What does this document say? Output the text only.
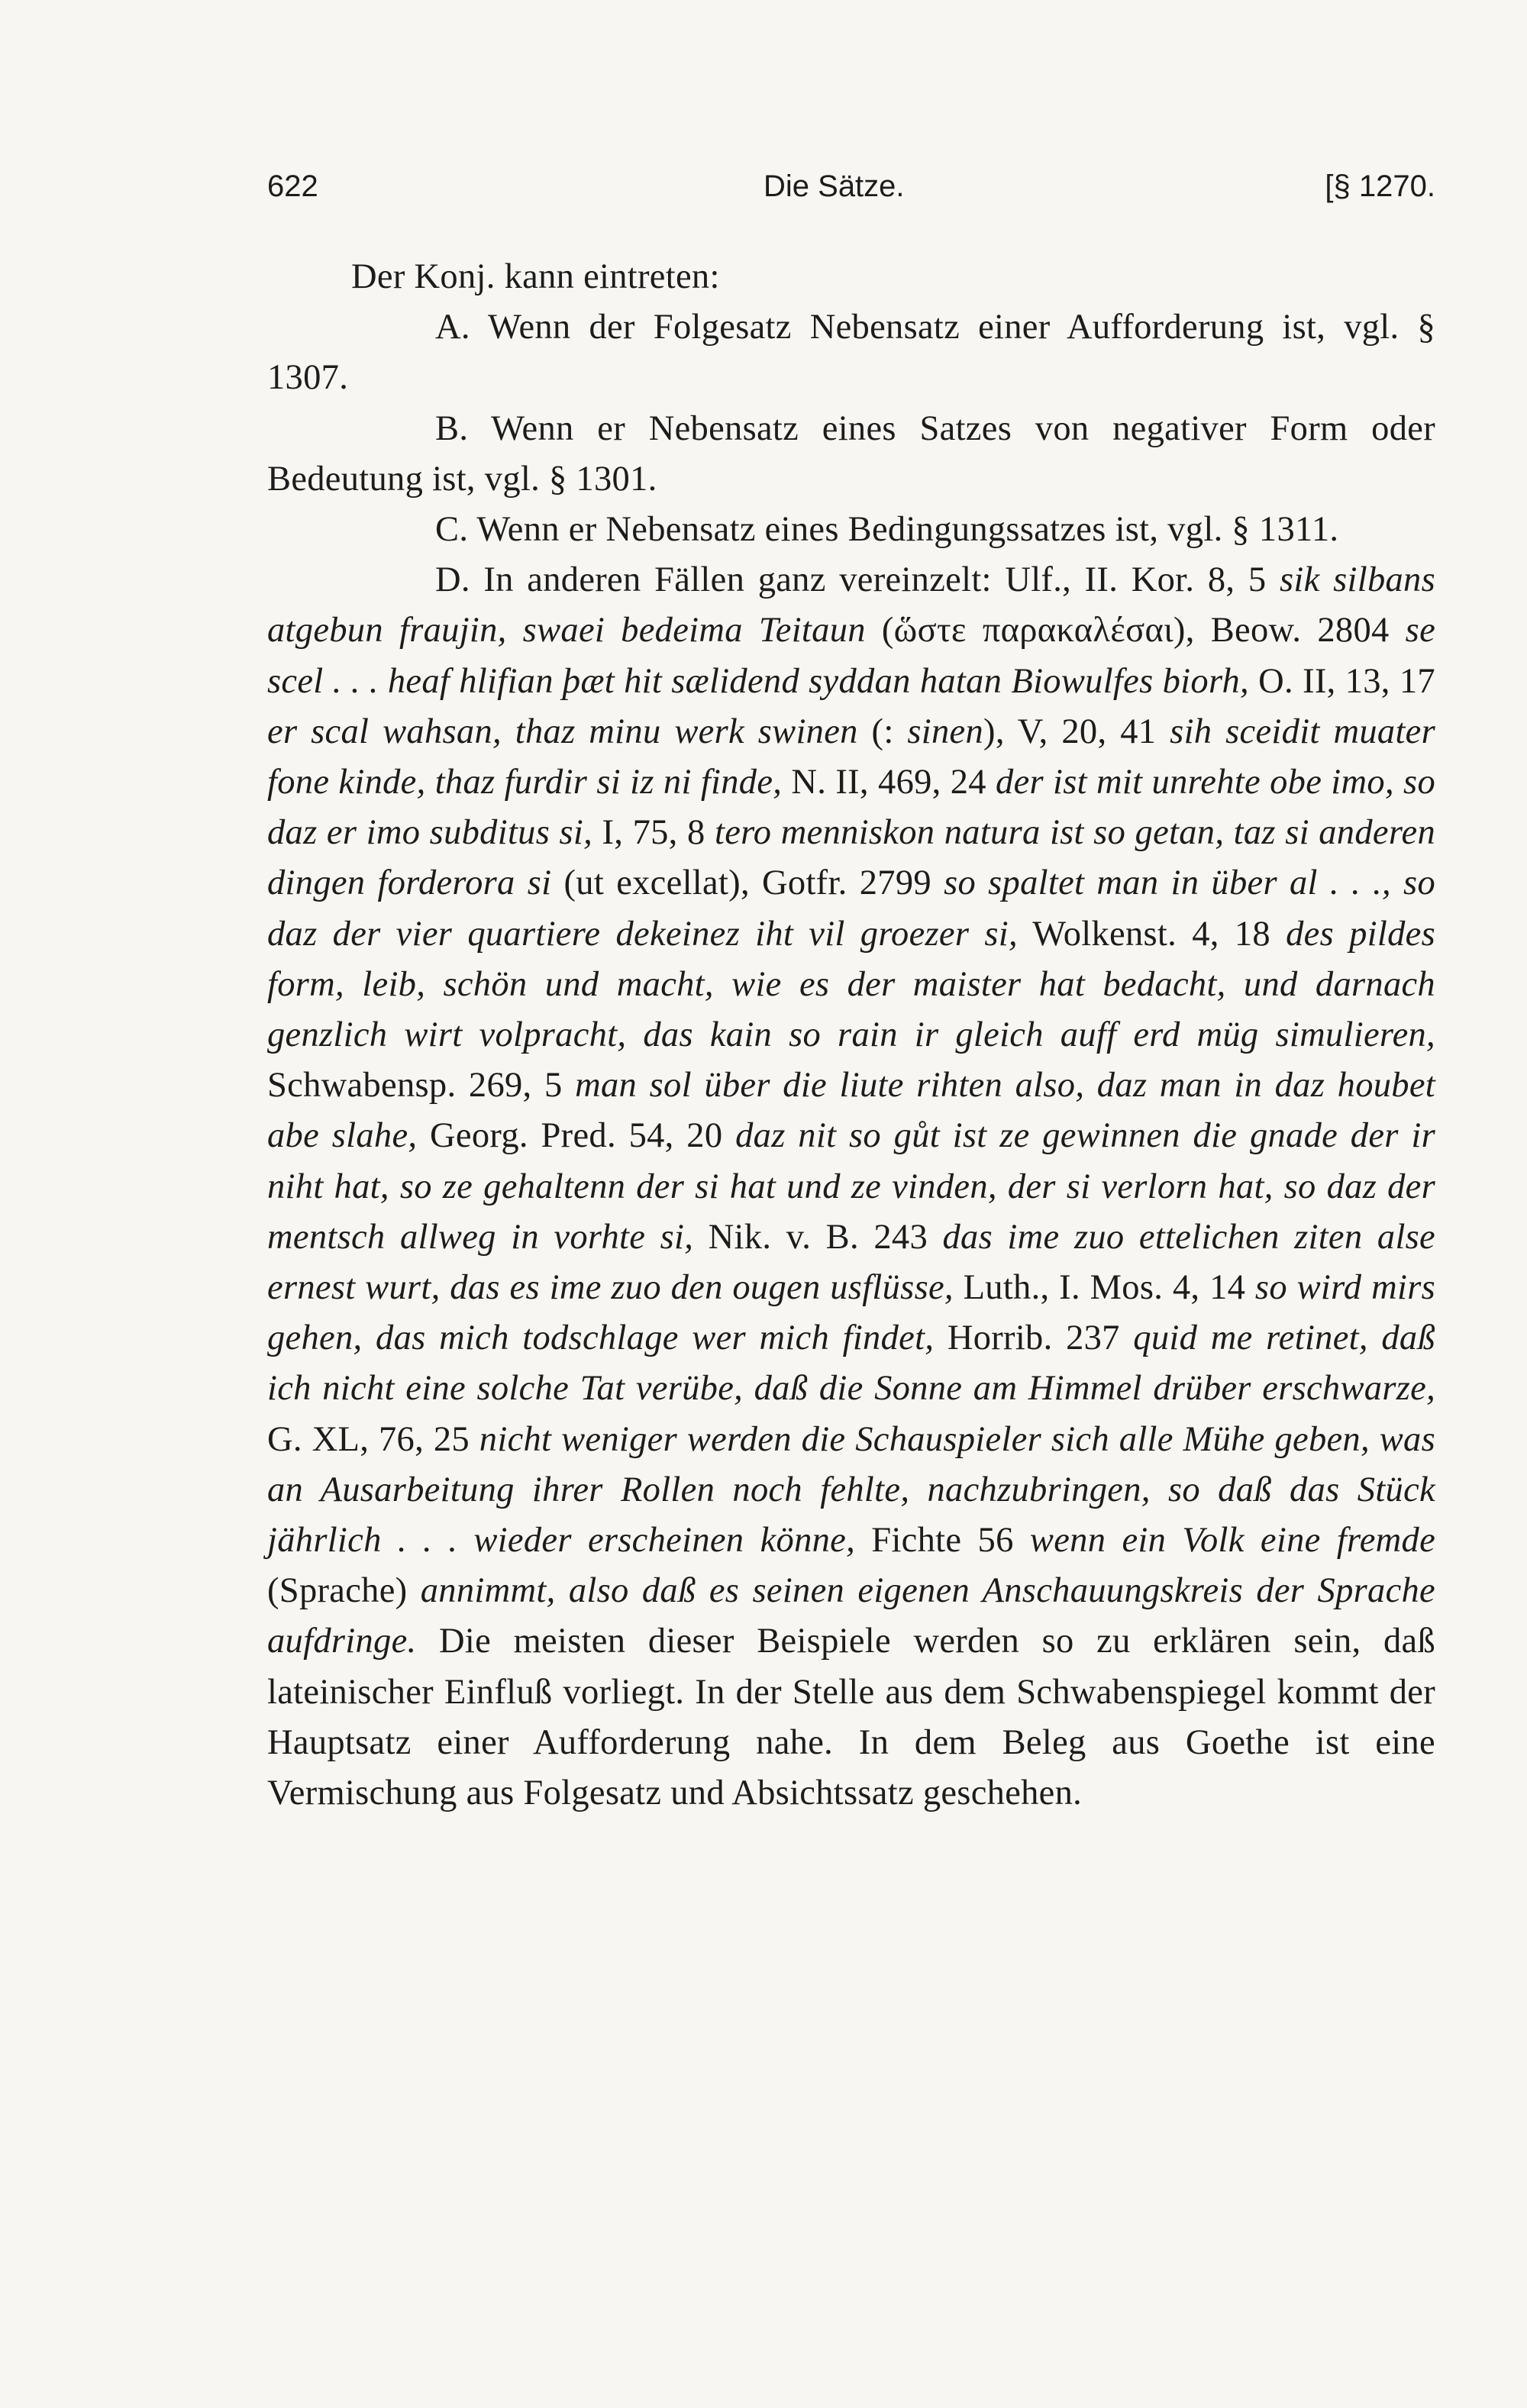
622	Die Sätze.	[§ 1270.

Der Konj. kann eintreten:

A. Wenn der Folgesatz Nebensatz einer Aufforderung ist, vgl. § 1307.

B. Wenn er Nebensatz eines Satzes von negativer Form oder Bedeutung ist, vgl. § 1301.

C. Wenn er Nebensatz eines Bedingungssatzes ist, vgl. § 1311.

D. In anderen Fällen ganz vereinzelt: Ulf., II. Kor. 8, 5 sik silbans atgebun fraujin, swaei bedeima Teitaun (ὥστε παρακαλέσαι), Beow. 2804 se scel . . . heaf hlifian þæt hit sælidend syddan hatan Biowulfes biorh, O. II, 13, 17 er scal wahsan, thaz minu werk swinen (: sinen), V, 20, 41 sih sceidit muater fone kinde, thaz furdir si iz ni finde, N. II, 469, 24 der ist mit unrehte obe imo, so daz er imo subditus si, I, 75, 8 tero menniskon natura ist so getan, taz si anderen dingen forderora si (ut excellat), Gotfr. 2799 so spaltet man in über al . . ., so daz der vier quartiere dekeinez iht vil groezer si, Wolkenst. 4, 18 des pildes form, leib, schön und macht, wie es der maister hat bedacht, und darnach genzlich wirt volpracht, das kain so rain ir gleich auff erd müg simulieren, Schwabensp. 269, 5 man sol über die liute rihten also, daz man in daz houbet abe slahe, Georg. Pred. 54, 20 daz nit so gůt ist ze gewinnen die gnade der ir niht hat, so ze gehaltenn der si hat und ze vinden, der si verlorn hat, so daz der mentsch allweg in vorhte si, Nik. v. B. 243 das ime zuo ettelichen ziten alse ernest wurt, das es ime zuo den ougen usflüsse, Luth., I. Mos. 4, 14 so wird mirs gehen, das mich todschlage wer mich findet, Horrib. 237 quid me retinet, daß ich nicht eine solche Tat verübe, daß die Sonne am Himmel drüber erschwarze, G. XL, 76, 25 nicht weniger werden die Schauspieler sich alle Mühe geben, was an Ausarbeitung ihrer Rollen noch fehlte, nachzubringen, so daß das Stück jährlich . . . wieder erscheinen könne, Fichte 56 wenn ein Volk eine fremde (Sprache) annimmt, also daß es seinen eigenen Anschauungskreis der Sprache aufdringe. Die meisten dieser Beispiele werden so zu erklären sein, daß lateinischer Einfluß vorliegt. In der Stelle aus dem Schwabenspiegel kommt der Hauptsatz einer Aufforderung nahe. In dem Beleg aus Goethe ist eine Vermischung aus Folgesatz und Absichtssatz geschehen.
